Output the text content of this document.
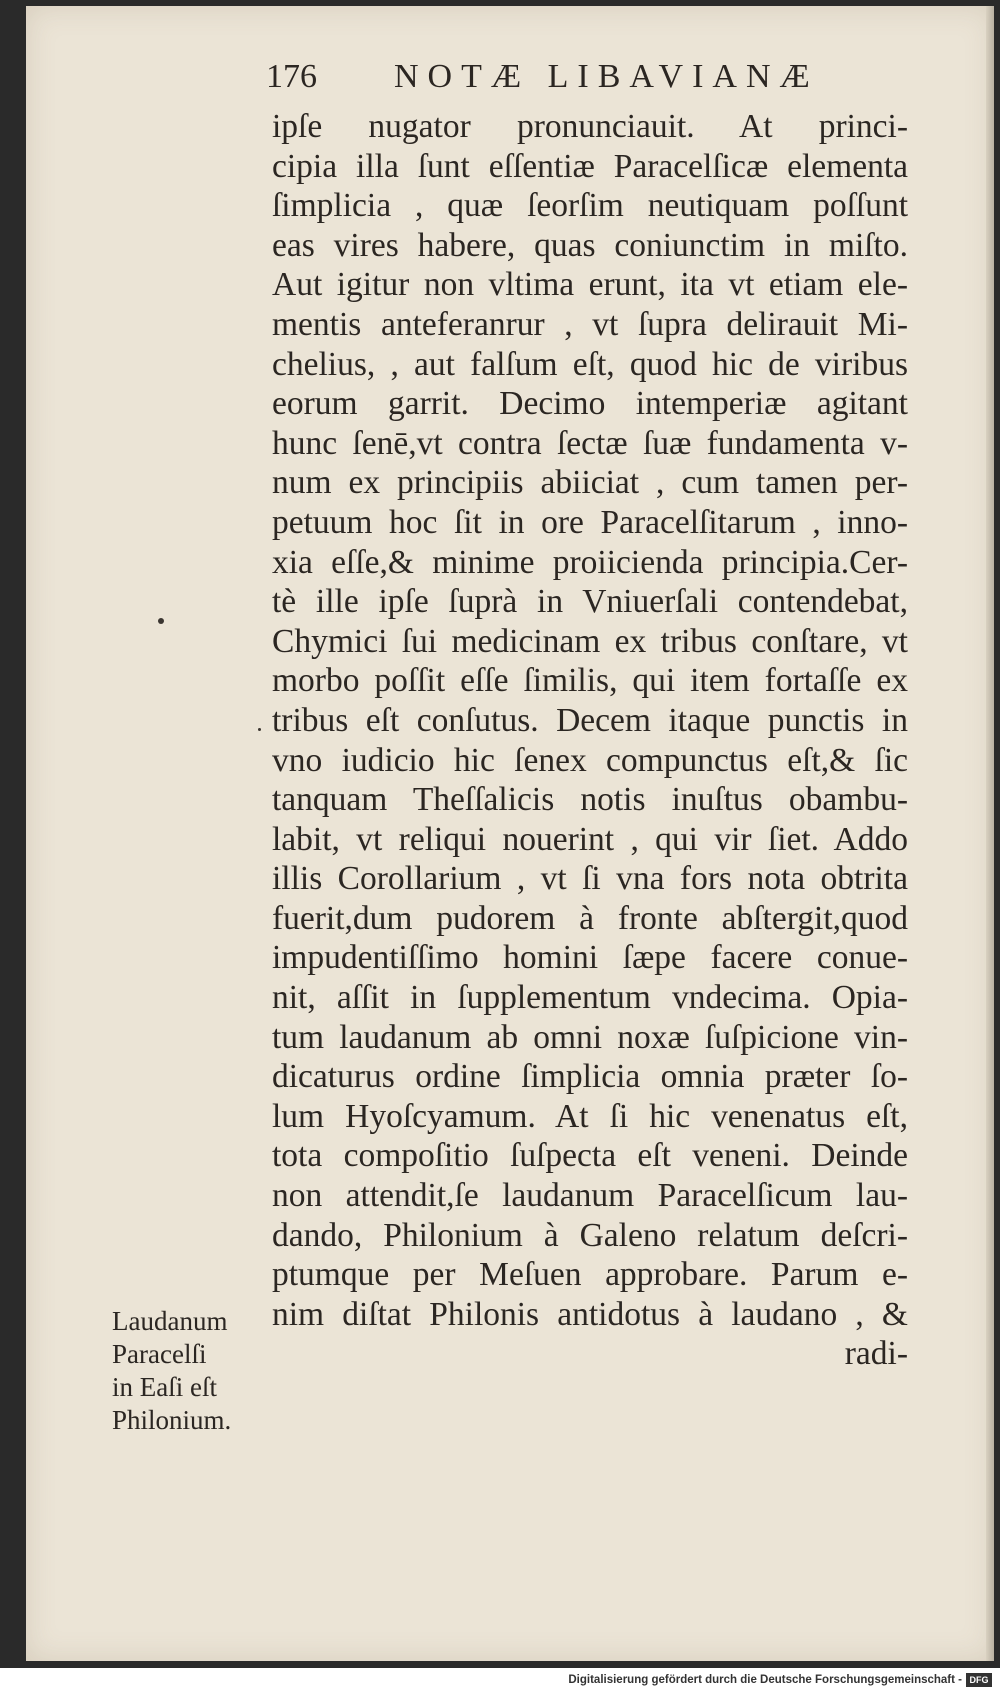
176 NOTÆ LIBAVIANÆ
ipſe nugator pronunciauit. At princi-
cipia illa ſunt eſſentiæ Paracelſicæ elementa
ſimplicia , quæ ſeorſim neutiquam poſſunt
eas vires habere, quas coniunctim in miſto.
Aut igitur non vltima erunt, ita vt etiam ele-
mentis anteferanrur , vt ſupra delirauit Mi-
chelius, , aut falſum eſt, quod hic de viribus
eorum garrit. Decimo intemperiæ agitant
hunc ſenē,vt contra ſectæ ſuæ fundamenta v-
num ex principiis abiiciat , cum tamen per-
petuum hoc ſit in ore Paracelſitarum , inno-
xia eſſe,& minime proiicienda principia.Cer-
tè ille ipſe ſuprà in Vniuerſali contendebat,
Chymici ſui medicinam ex tribus conſtare, vt
morbo poſſit eſſe ſimilis, qui item fortaſſe ex
tribus eſt conſutus. Decem itaque punctis in
vno iudicio hic ſenex compunctus eſt,& ſic
tanquam Theſſalicis notis inuſtus obambu-
labit, vt reliqui nouerint , qui vir ſiet. Addo
illis Corollarium , vt ſi vna fors nota obtrita
fuerit,dum pudorem à fronte abſtergit,quod
impudentiſſimo homini ſæpe facere conue-
nit, aſſit in ſupplementum vndecima. Opia-
tum laudanum ab omni noxæ ſuſpicione vin-
dicaturus ordine ſimplicia omnia præter ſo-
lum Hyoſcyamum. At ſi hic venenatus eſt,
tota compoſitio ſuſpecta eſt veneni. Deinde
non attendit,ſe laudanum Paracelſicum lau-
dando, Philonium à Galeno relatum deſcri-
ptumque per Meſuen approbare. Parum e-
nim diſtat Philonis antidotus à laudano , &
radi-
Laudanum
Paracelſi
in Eaſi eſt
Philonium.
Digitalisierung gefördert durch die Deutsche Forschungsgemeinschaft - DFG
